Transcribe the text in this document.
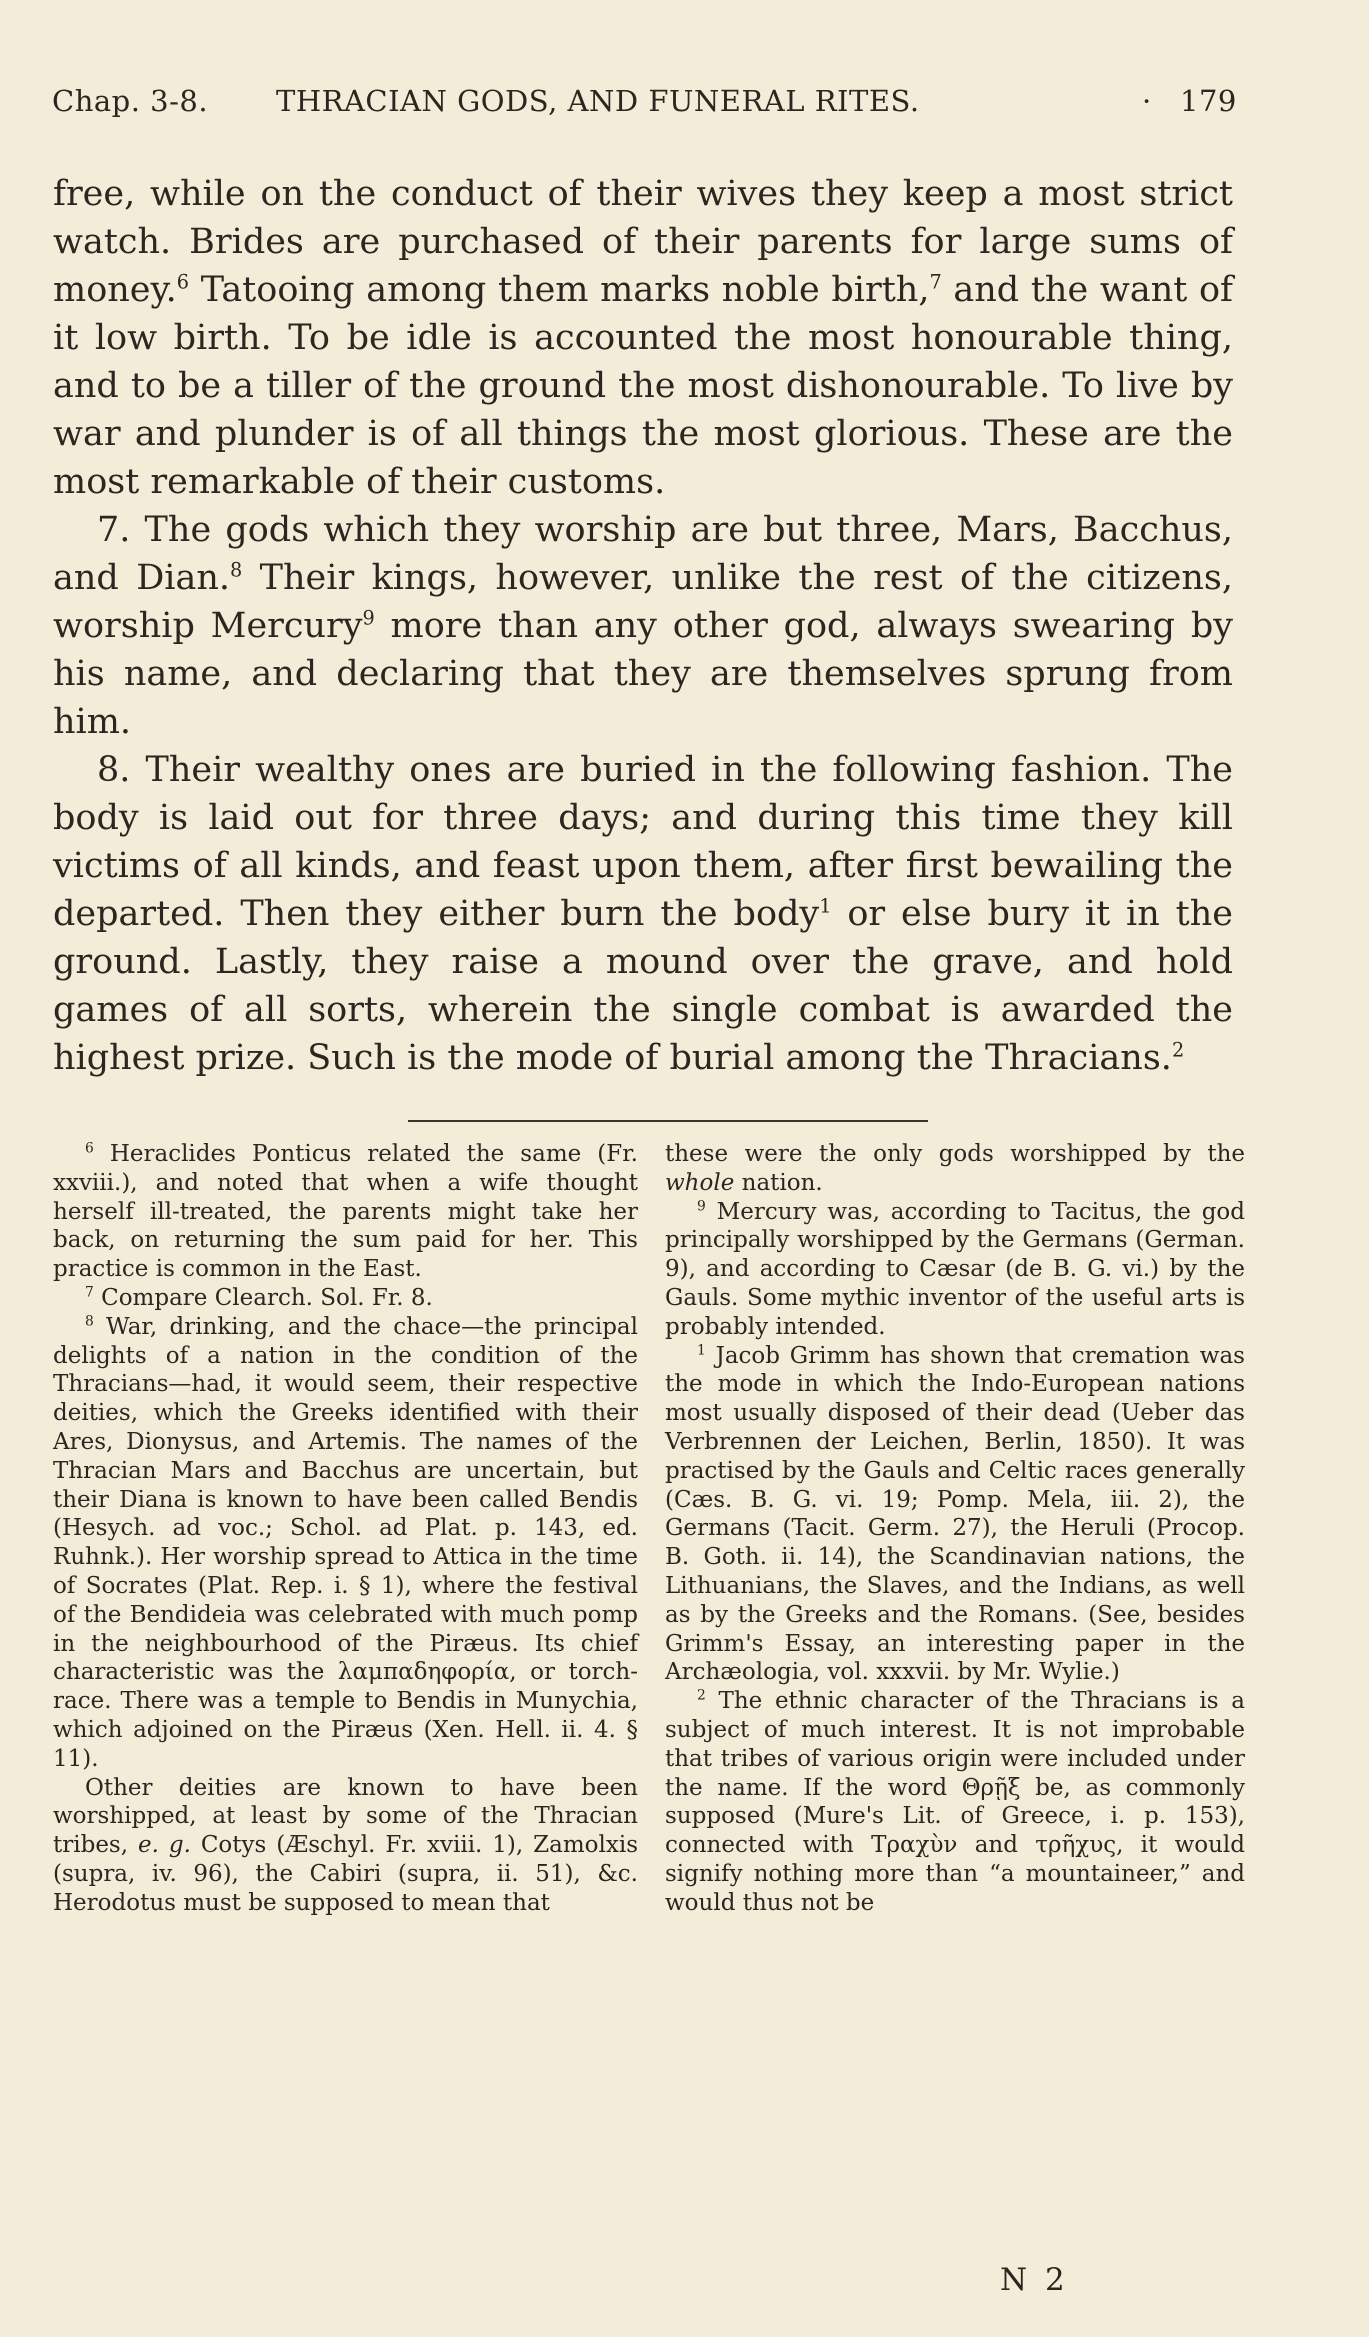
Chap. 3-8. THRACIAN GODS, AND FUNERAL RITES.	· 179

free, while on the conduct of their wives they keep a most strict watch. Brides are purchased of their parents for large sums of money.$^6$ Tatooing among them marks noble birth,$^7$ and the want of it low birth. To be idle is accounted the most honourable thing, and to be a tiller of the ground the most dishonourable. To live by war and plunder is of all things the most glorious. These are the most remarkable of their customs.

7. The gods which they worship are but three, Mars, Bacchus, and Dian.$^8$ Their kings, however, unlike the rest of the citizens, worship Mercury$^9$ more than any other god, always swearing by his name, and declaring that they are themselves sprung from him.

8. Their wealthy ones are buried in the following fashion. The body is laid out for three days; and during this time they kill victims of all kinds, and feast upon them, after first bewailing the departed. Then they either burn the body$^1$ or else bury it in the ground. Lastly, they raise a mound over the grave, and hold games of all sorts, wherein the single combat is awarded the highest prize. Such is the mode of burial among the Thracians.$^2$

$^6$ Heraclides Ponticus related the same (Fr. xxviii.), and noted that when a wife thought herself ill-treated, the parents might take her back, on returning the sum paid for her. This practice is common in the East.

$^7$ Compare Clearch. Sol. Fr. 8.

$^8$ War, drinking, and the chace—the principal delights of a nation in the condition of the Thracians—had, it would seem, their respective deities, which the Greeks identified with their Ares, Dionysus, and Artemis. The names of the Thracian Mars and Bacchus are uncertain, but their Diana is known to have been called Bendis (Hesych. ad voc.; Schol. ad Plat. p. 143, ed. Ruhnk.). Her worship spread to Attica in the time of Socrates (Plat. Rep. i. § 1), where the festival of the Bendideia was celebrated with much pomp in the neighbourhood of the Piræus. Its chief characteristic was the λαμπαδηφορία, or torch-race. There was a temple to Bendis in Munychia, which adjoined on the Piræus (Xen. Hell. ii. 4. § 11).

Other deities are known to have been worshipped, at least by some of the Thracian tribes, e. g. Cotys (Æschyl. Fr. xviii. 1), Zamolxis (supra, iv. 96), the Cabiri (supra, ii. 51), &c. Herodotus must be supposed to mean that

these were the only gods worshipped by the whole nation.

$^9$ Mercury was, according to Tacitus, the god principally worshipped by the Germans (German. 9), and according to Cæsar (de B. G. vi.) by the Gauls. Some mythic inventor of the useful arts is probably intended.

$^1$ Jacob Grimm has shown that cremation was the mode in which the Indo-European nations most usually disposed of their dead (Ueber das Verbrennen der Leichen, Berlin, 1850). It was practised by the Gauls and Celtic races generally (Cæs. B. G. vi. 19; Pomp. Mela, iii. 2), the Germans (Tacit. Germ. 27), the Heruli (Procop. B. Goth. ii. 14), the Scandinavian nations, the Lithuanians, the Slaves, and the Indians, as well as by the Greeks and the Romans. (See, besides Grimm's Essay, an interesting paper in the Archæologia, vol. xxxvii. by Mr. Wylie.)

$^2$ The ethnic character of the Thracians is a subject of much interest. It is not improbable that tribes of various origin were included under the name. If the word Θρῇξ be, as commonly supposed (Mure's Lit. of Greece, i. p. 153), connected with Τραχὺν and τρῆχυς, it would signify nothing more than “a mountaineer,” and would thus not be

N 2
